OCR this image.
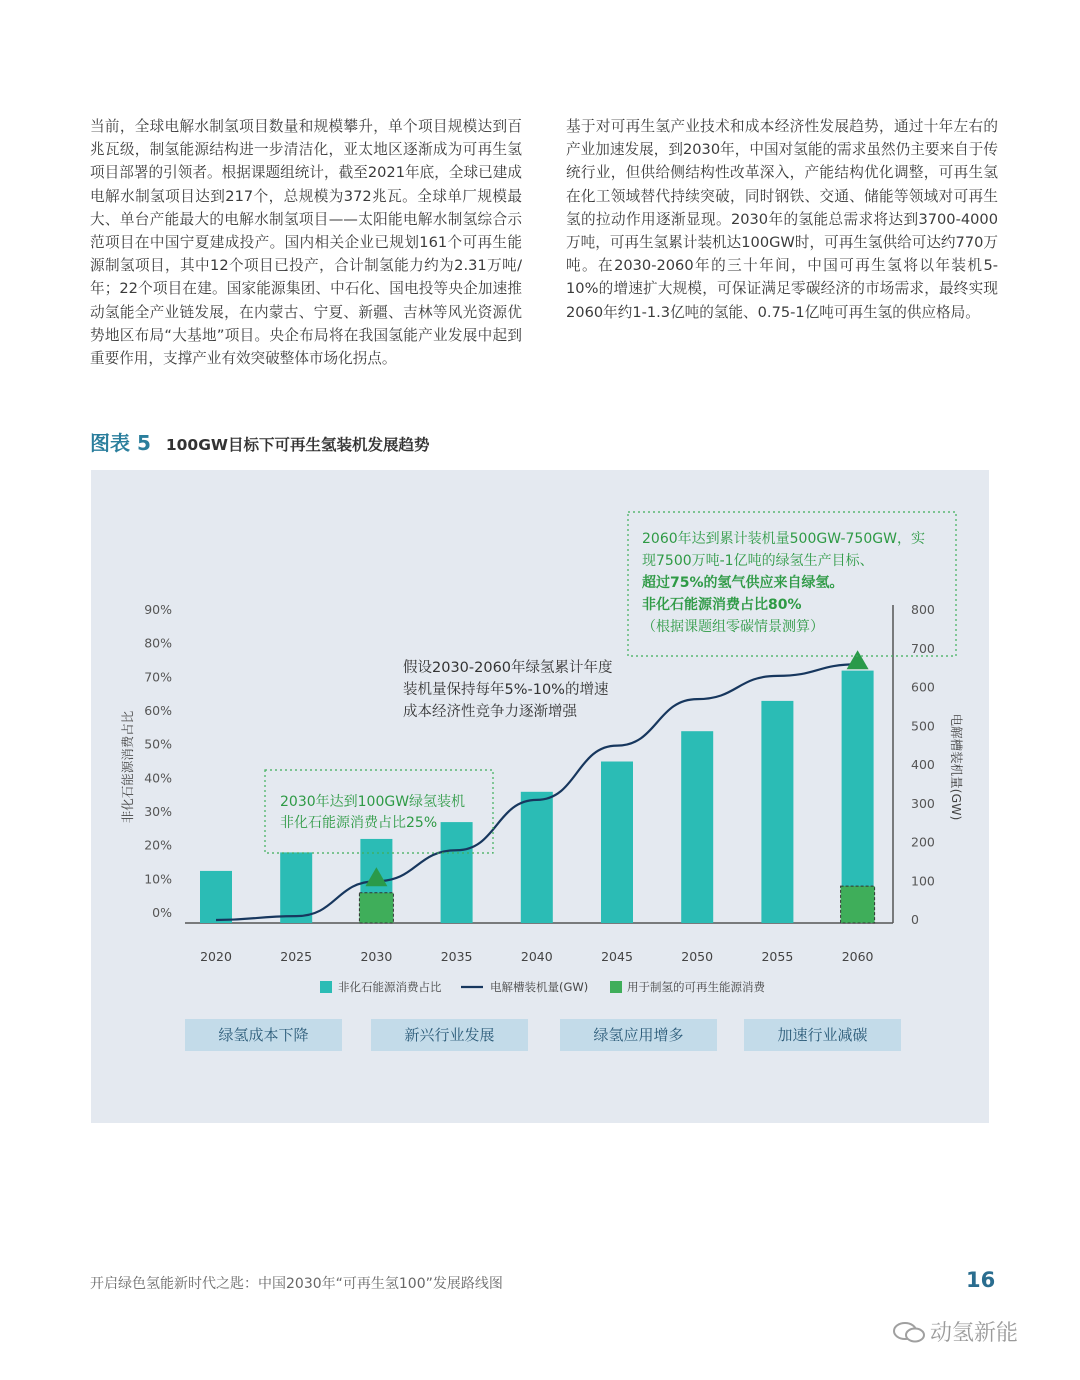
当前，全球电解水制氢项目数量和规模攀升，单个项目规模达到百兆瓦级，制氢能源结构进一步清洁化，亚太地区逐渐成为可再生氢项目部署的引领者。根据课题组统计，截至2021年底，全球已建成电解水制氢项目达到217个，总规模为372兆瓦。全球单厂规模最大、单台产能最大的电解水制氢项目——太阳能电解水制氢综合示范项目在中国宁夏建成投产。国内相关企业已规划161个可再生能源制氢项目，其中12个项目已投产，合计制氢能力约为2.31万吨/年；22个项目在建。国家能源集团、中石化、国电投等央企加速推动氢能全产业链发展，在内蒙古、宁夏、新疆、吉林等风光资源优势地区布局“大基地”项目。央企布局将在我国氢能产业发展中起到重要作用，支撑产业有效突破整体市场化拐点。
基于对可再生氢产业技术和成本经济性发展趋势，通过十年左右的产业加速发展，到2030年，中国对氢能的需求虽然仍主要来自于传统行业，但供给侧结构性改革深入，产能结构优化调整，可再生氢在化工领域替代持续突破，同时钢铁、交通、储能等领域对可再生氢的拉动作用逐渐显现。2030年的氢能总需求将达到3700-4000万吨，可再生氢累计装机达100GW时，可再生氢供给可达约770万吨。在2030-2060年的三十年间，中国可再生氢将以年装机5-10%的增速扩大规模，可保证满足零碳经济的市场需求，最终实现2060年约1-1.3亿吨的氢能、0.75-1亿吨可再生氢的供应格局。
图表 5 100GW目标下可再生氢装机发展趋势
0%
10%
20%
30%
40%
50%
60%
70%
80%
90%
0
100
200
300
400
500
600
700
800
非化石能源消费占比	电解槽装机量(GW)
2020	2025	2030	2035	2040	2045	2050	2055	2060
2030年达到100GW绿氢装机
非化石能源消费占比25%
2060年达到累计装机量500GW-750GW，实
现7500万吨-1亿吨的绿氢生产目标、
超过75%的氢气供应来自绿氢。
非化石能源消费占比80%
（根据课题组零碳情景测算）
假设2030-2060年绿氢累计年度
装机量保持每年5%-10%的增速
成本经济性竞争力逐渐增强
非化石能源消费占比	电解槽装机量(GW)	用于制氢的可再生能源消费
绿氢成本下降	新兴行业发展	绿氢应用增多	加速行业减碳
开启绿色氢能新时代之匙：中国2030年“可再生氢100”发展路线图	16
动氢新能
